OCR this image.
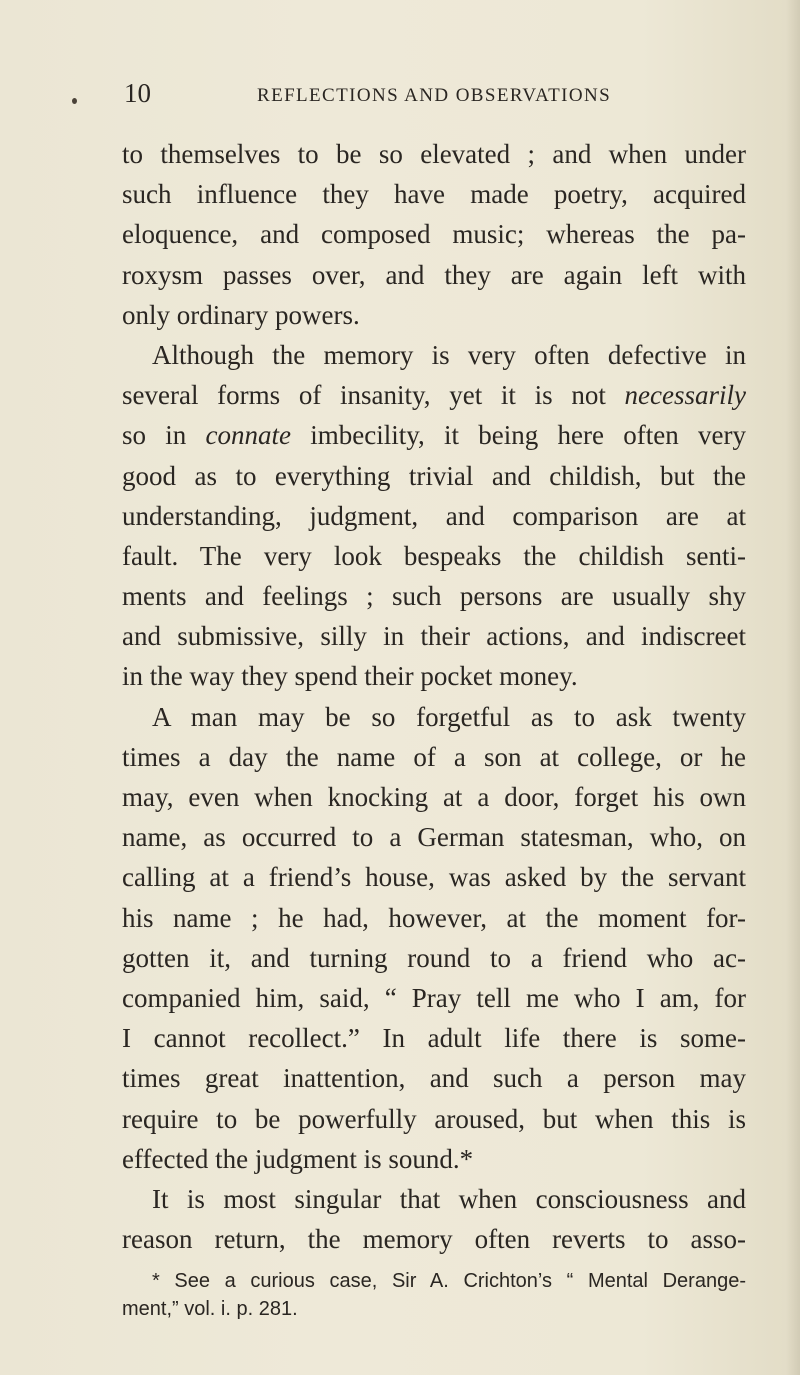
10	REFLECTIONS AND OBSERVATIONS
to themselves to be so elevated ; and when under
such influence they have made poetry, acquired
eloquence, and composed music; whereas the pa-
roxysm passes over, and they are again left with
only ordinary powers.
Although the memory is very often defective in
several forms of insanity, yet it is not necessarily
so in connate imbecility, it being here often very
good as to everything trivial and childish, but the
understanding, judgment, and comparison are at
fault. The very look bespeaks the childish senti-
ments and feelings ; such persons are usually shy
and submissive, silly in their actions, and indiscreet
in the way they spend their pocket money.
A man may be so forgetful as to ask twenty
times a day the name of a son at college, or he
may, even when knocking at a door, forget his own
name, as occurred to a German statesman, who, on
calling at a friend’s house, was asked by the servant
his name ; he had, however, at the moment for-
gotten it, and turning round to a friend who ac-
companied him, said, “ Pray tell me who I am, for
I cannot recollect.” In adult life there is some-
times great inattention, and such a person may
require to be powerfully aroused, but when this is
effected the judgment is sound.*
It is most singular that when consciousness and
reason return, the memory often reverts to asso-
* See a curious case, Sir A. Crichton’s “ Mental Derange-
ment,” vol. i. p. 281.
